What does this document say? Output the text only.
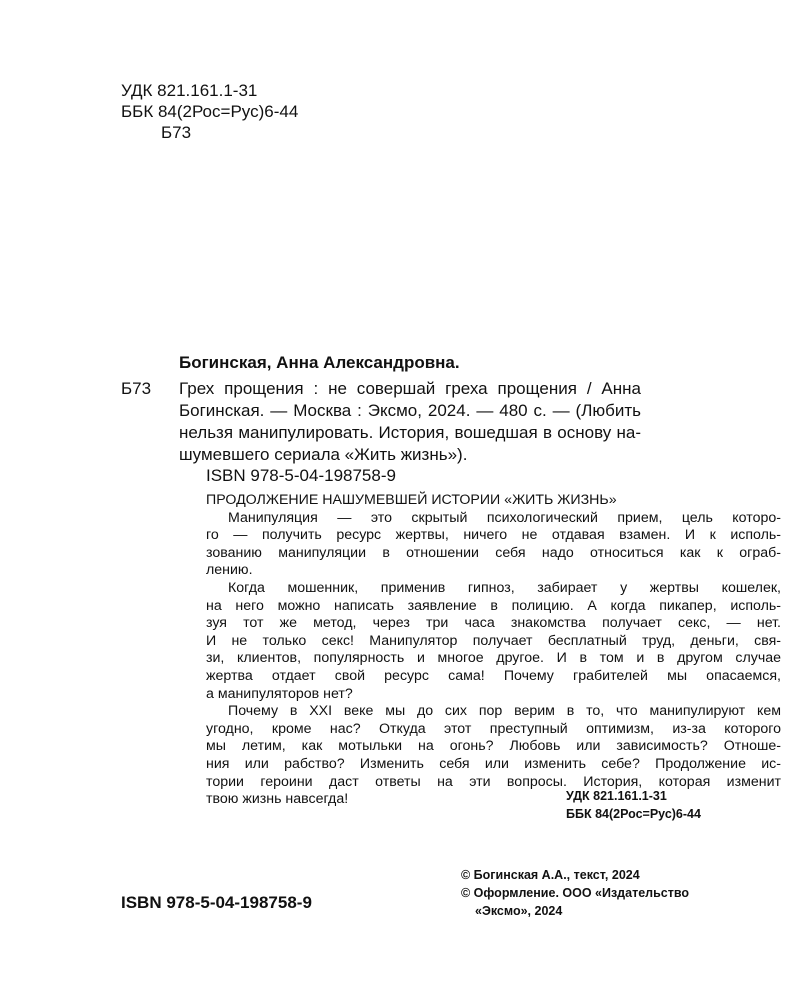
УДК 821.161.1-31
ББК 84(2Рос=Рус)6-44
Б73
Богинская, Анна Александровна.
Б73 Грех прощения : не совершай греха прощения / Анна
Богинская. — Москва : Эксмо, 2024. — 480 с. — (Любить
нельзя манипулировать. История, вошедшая в основу на-
шумевшего сериала «Жить жизнь»).
ISBN 978-5-04-198758-9
ПРОДОЛЖЕНИЕ НАШУМЕВШЕЙ ИСТОРИИ «ЖИТЬ ЖИЗНЬ»
Манипуляция — это скрытый психологический прием, цель которо-
го — получить ресурс жертвы, ничего не отдавая взамен. И к исполь-
зованию манипуляции в отношении себя надо относиться как к ограб-
лению.
Когда мошенник, применив гипноз, забирает у жертвы кошелек,
на него можно написать заявление в полицию. А когда пикапер, исполь-
зуя тот же метод, через три часа знакомства получает секс, — нет.
И не только секс! Манипулятор получает бесплатный труд, деньги, свя-
зи, клиентов, популярность и многое другое. И в том и в другом случае
жертва отдает свой ресурс сама! Почему грабителей мы опасаемся,
а манипуляторов нет?
Почему в XXI веке мы до сих пор верим в то, что манипулируют кем
угодно, кроме нас? Откуда этот преступный оптимизм, из-за которого
мы летим, как мотыльки на огонь? Любовь или зависимость? Отноше-
ния или рабство? Изменить себя или изменить себе? Продолжение ис-
тории героини даст ответы на эти вопросы. История, которая изменит
твою жизнь навсегда!	УДК 821.161.1-31
ББК 84(2Рос=Рус)6-44
© Богинская А.А., текст, 2024
© Оформление. ООО «Издательство
«Эксмо», 2024
ISBN 978-5-04-198758-9
